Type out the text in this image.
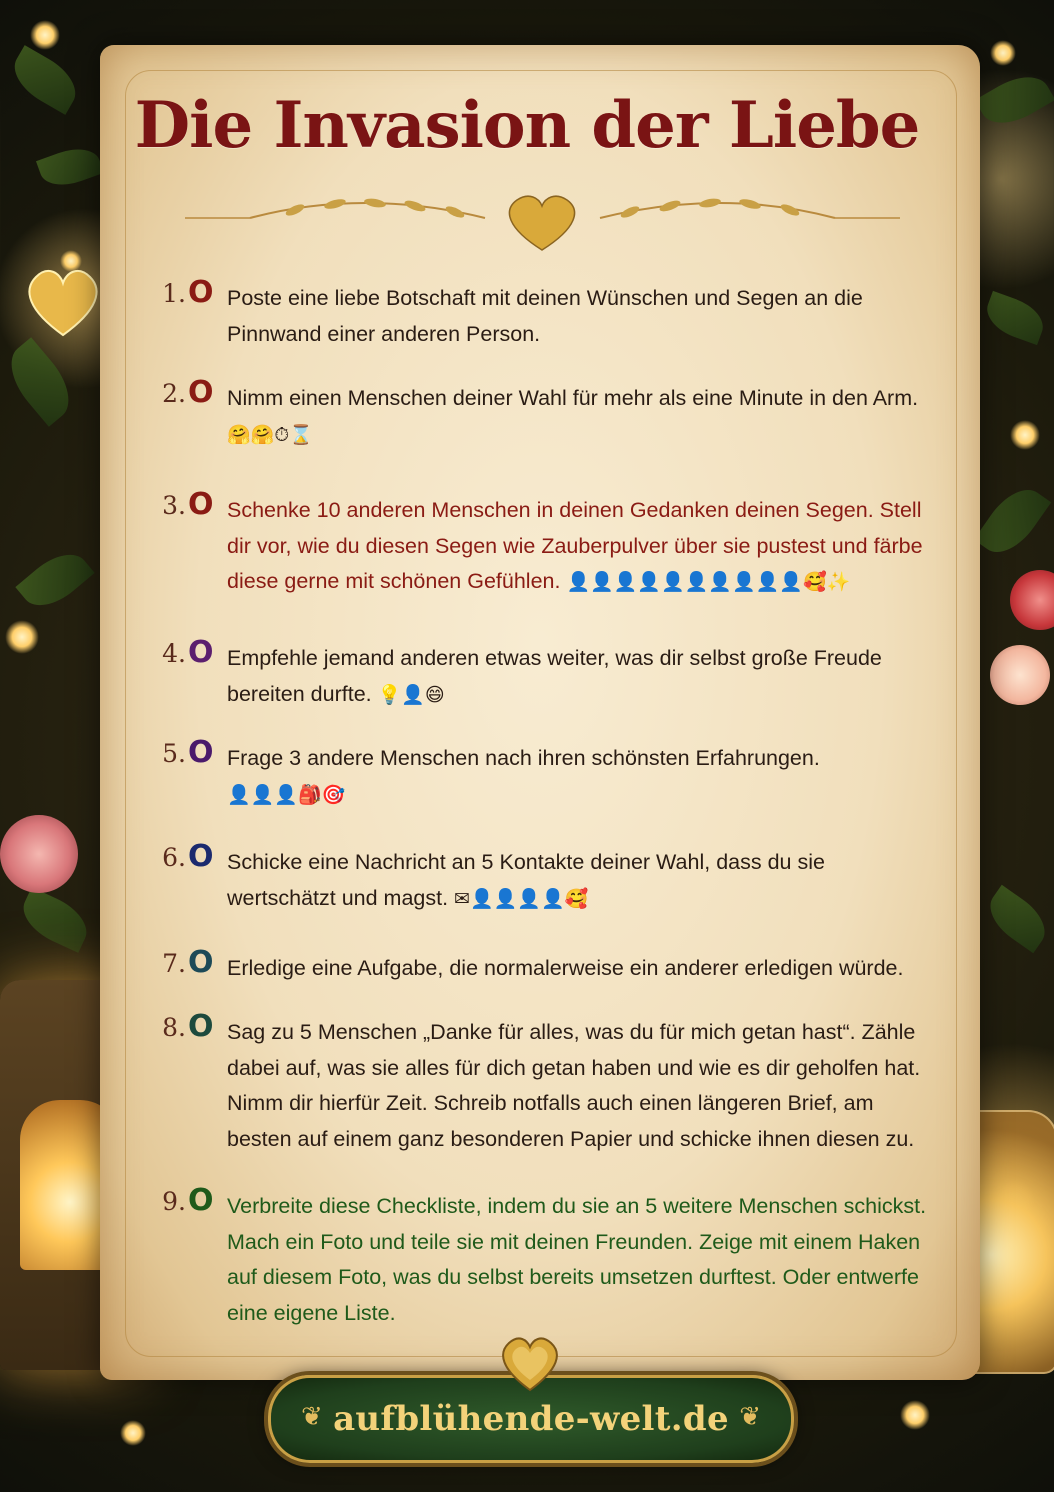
Die Invasion der Liebe
1. O Poste eine liebe Botschaft mit deinen Wünschen und Segen an die Pinnwand einer anderen Person.

2. O Nimm einen Menschen deiner Wahl für mehr als eine Minute in den Arm.
🤗🤗⏱⌛

3. O Schenke 10 anderen Menschen in deinen Gedanken deinen Segen. Stell dir vor, wie du diesen Segen wie Zauberpulver über sie pustest und färbe diese gerne mit schönen Gefühlen. 👤👤👤👤👤👤👤👤👤👤🥰✨

4. O Empfehle jemand anderen etwas weiter, was dir selbst große Freude bereiten durfte. 💡👤😄

5. O Frage 3 andere Menschen nach ihren schönsten Erfahrungen.
👤👤👤🎒🎯

6. O Schicke eine Nachricht an 5 Kontakte deiner Wahl, dass du sie wertschätzt und magst. ✉👤👤👤👤🥰

7. O Erledige eine Aufgabe, die normalerweise ein anderer erledigen würde.

8. O Sag zu 5 Menschen „Danke für alles, was du für mich getan hast“. Zähle dabei auf, was sie alles für dich getan haben und wie es dir geholfen hat. Nimm dir hierfür Zeit. Schreib notfalls auch einen längeren Brief, am besten auf einem ganz besonderen Papier und schicke ihnen diesen zu.

9. O Verbreite diese Checkliste, indem du sie an 5 weitere Menschen schickst. Mach ein Foto und teile sie mit deinen Freunden. Zeige mit einem Haken auf diesem Foto, was du selbst bereits umsetzen durftest. Oder entwerfe eine eigene Liste.

❦ aufblühende-welt.de ❦
